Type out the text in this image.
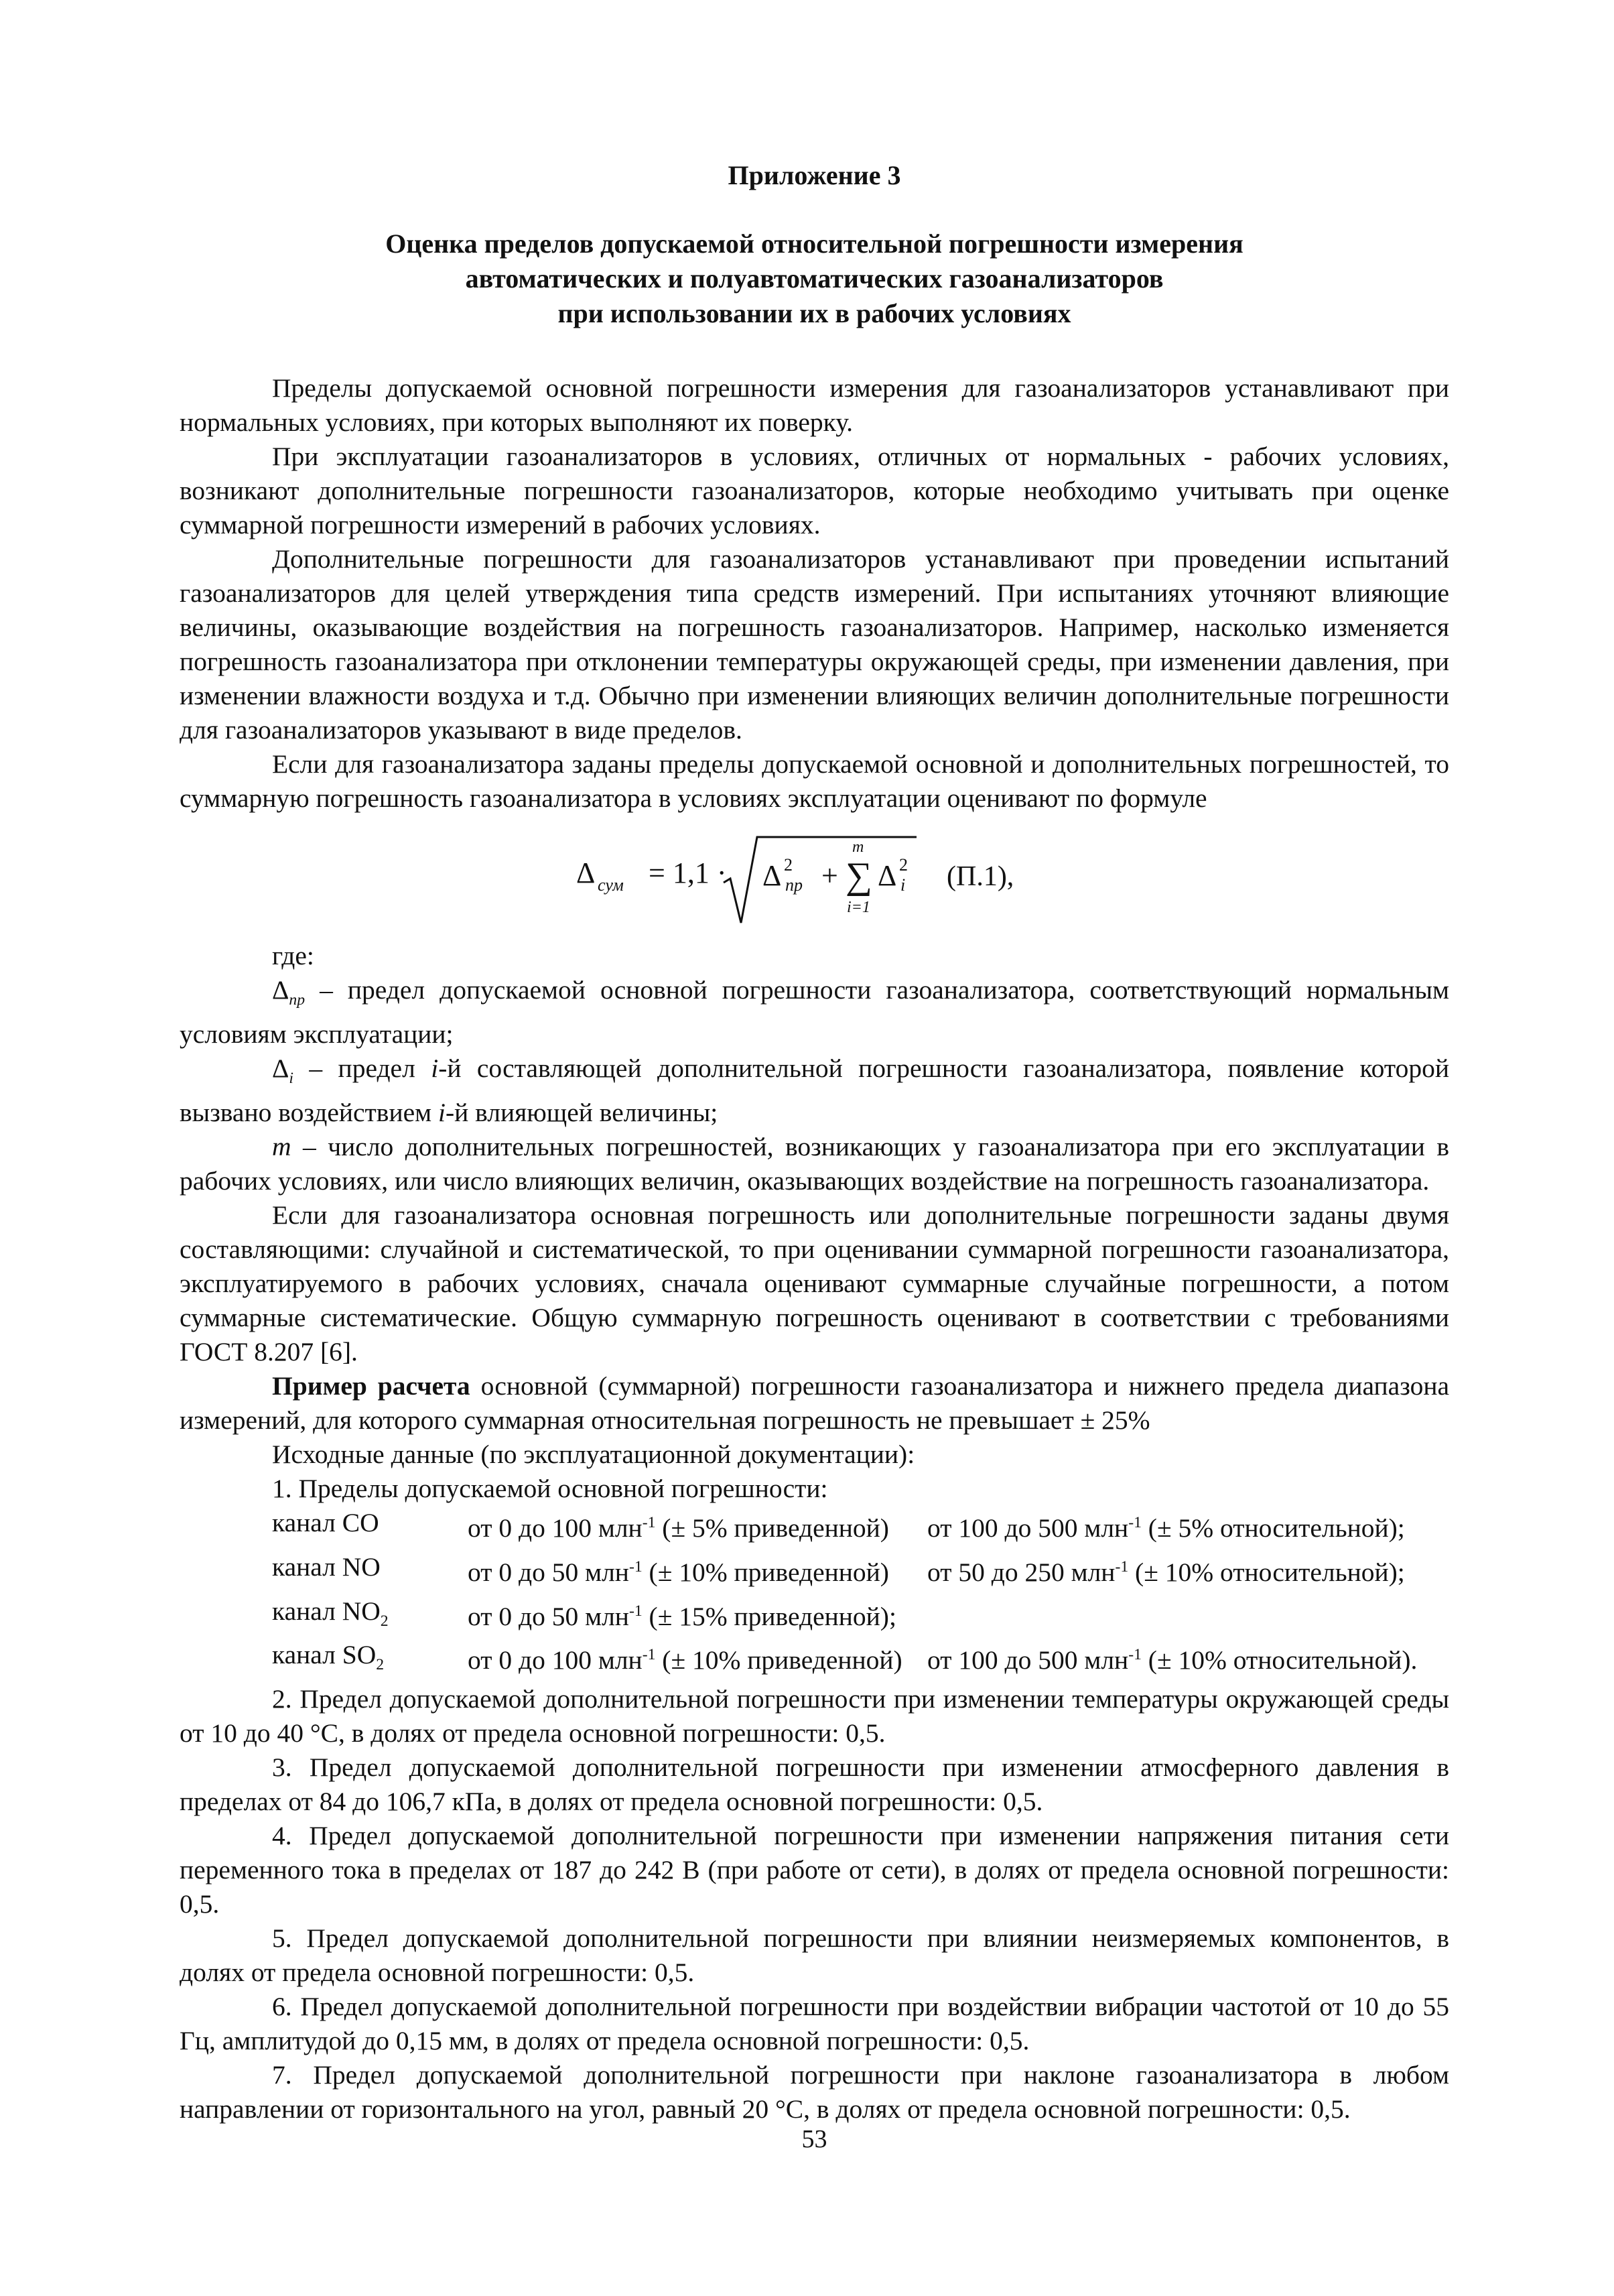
Приложение 3
Оценка пределов допускаемой относительной погрешности измерения
автоматических и полуавтоматических газоанализаторов
при использовании их в рабочих условиях

Пределы допускаемой основной погрешности измерения для газоанализаторов устанавливают при нормальных условиях, при которых выполняют их поверку.

При эксплуатации газоанализаторов в условиях, отличных от нормальных - рабочих условиях, возникают дополнительные погрешности газоанализаторов, которые необходимо учитывать при оценке суммарной погрешности измерений в рабочих условиях.

Дополнительные погрешности для газоанализаторов устанавливают при проведении испытаний газоанализаторов для целей утверждения типа средств измерений. При испытаниях уточняют влияющие величины, оказывающие воздействия на погрешность газоанализаторов. Например, насколько изменяется погрешность газоанализатора при отклонении температуры окружающей среды, при изменении давления, при изменении влажности воздуха и т.д. Обычно при изменении влияющих величин дополнительные погрешности для газоанализаторов указывают в виде пределов.

Если для газоанализатора заданы пределы допускаемой основной и дополнительных погрешностей, то суммарную погрешность газоанализатора в условиях эксплуатации оценивают по формуле

Δ сум = 1,1 · Δ 2
пр +
m
∑
i=1
Δ 2
i (П.1),

где:

$\Delta_{пр}$ – предел допускаемой основной погрешности газоанализатора, соответствующий нормальным условиям эксплуатации;

$\Delta_i$ – предел i-й составляющей дополнительной погрешности газоанализатора, появление которой вызвано воздействием i-й влияющей величины;

m – число дополнительных погрешностей, возникающих у газоанализатора при его эксплуатации в рабочих условиях, или число влияющих величин, оказывающих воздействие на погрешность газоанализатора.

Если для газоанализатора основная погрешность или дополнительные погрешности заданы двумя составляющими: случайной и систематической, то при оценивании суммарной погрешности газоанализатора, эксплуатируемого в рабочих условиях, сначала оценивают суммарные случайные погрешности, а потом суммарные систематические. Общую суммарную погрешность оценивают в соответствии с требованиями ГОСТ 8.207 [6].

Пример расчета основной (суммарной) погрешности газоанализатора и нижнего предела диапазона измерений, для которого суммарная относительная погрешность не превышает ± 25%

Исходные данные (по эксплуатационной документации):

1. Пределы допускаемой основной погрешности:

канал CO	от 0 до 100 млн$^{-1}$ (± 5% приведенной)	от 100 до 500 млн$^{-1}$ (± 5% относительной);
канал NO	от 0 до 50 млн$^{-1}$ (± 10% приведенной)	от 50 до 250 млн$^{-1}$ (± 10% относительной);
канал $NO_2$	от 0 до 50 млн$^{-1}$ (± 15% приведенной);
канал $SO_2$	от 0 до 100 млн$^{-1}$ (± 10% приведенной) от 100 до 500 млн$^{-1}$ (± 10% относительной).

2. Предел допускаемой дополнительной погрешности при изменении температуры окружающей среды от 10 до 40 °С, в долях от предела основной погрешности: 0,5.

3. Предел допускаемой дополнительной погрешности при изменении атмосферного давления в пределах от 84 до 106,7 кПа, в долях от предела основной погрешности: 0,5.

4. Предел допускаемой дополнительной погрешности при изменении напряжения питания сети переменного тока в пределах от 187 до 242 В (при работе от сети), в долях от предела основной погрешности: 0,5.

5. Предел допускаемой дополнительной погрешности при влиянии неизмеряемых компонентов, в долях от предела основной погрешности: 0,5.

6. Предел допускаемой дополнительной погрешности при воздействии вибрации частотой от 10 до 55 Гц, амплитудой до 0,15 мм, в долях от предела основной погрешности: 0,5.

7. Предел допускаемой дополнительной погрешности при наклоне газоанализатора в любом направлении от горизонтального на угол, равный 20 °С, в долях от предела основной погрешности: 0,5.

53
